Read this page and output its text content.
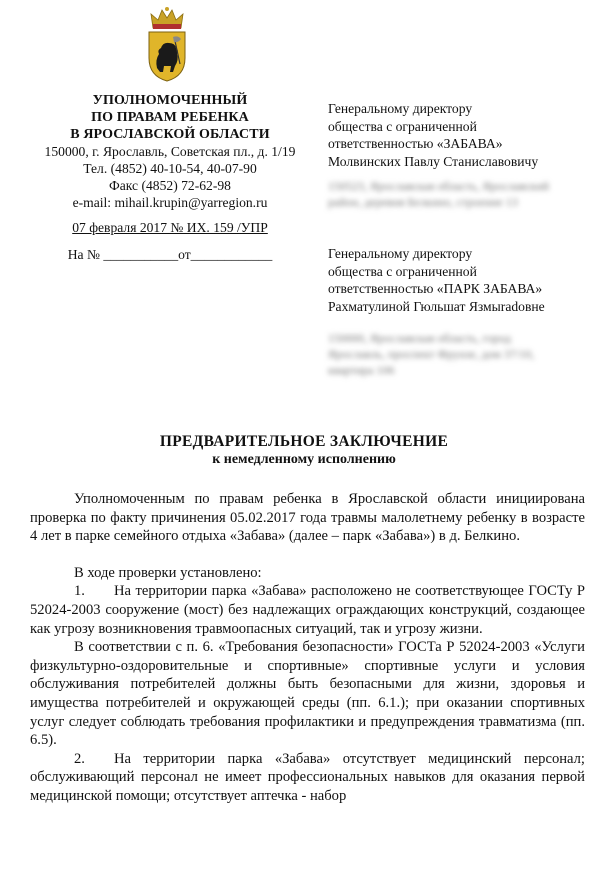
УПОЛНОМОЧЕННЫЙ
ПО ПРАВАМ РЕБЕНКА
В ЯРОСЛАВСКОЙ ОБЛАСТИ
150000, г. Ярославль, Советская пл., д. 1/19
Тел. (4852) 40-10-54, 40-07-90
Факс (4852) 72-62-98
e-mail: mihail.krupin@yarregion.ru
07 февраля 2017 № ИХ. 159 /УПР
На № ___________от____________
Генеральному директору
общества с ограниченной
ответственностью «ЗАБАВА»
Молвинских Павлу Станиславовичу
150523, Ярославская область, Ярославский район, деревня Белкино, строение 13
Генеральному директору
общества с ограниченной
ответственностью «ПАРК ЗАБАВА»
Рахматулиной Гюльшат Язмыradовне
150000, Ярославская область, город Ярославль, проспект Фрунзе, дом 37/10, квартира 106
ПРЕДВАРИТЕЛЬНОЕ ЗАКЛЮЧЕНИЕ
к немедленному исполнению

Уполномоченным по правам ребенка в Ярославской области инициирована проверка по факту причинения 05.02.2017 года травмы малолетнему ребенку в возрасте 4 лет в парке семейного отдыха «Забава» (далее – парк «Забава») в д. Белкино.

В ходе проверки установлено:

1. На территории парка «Забава» расположено не соответствующее ГОСТу Р 52024-2003 сооружение (мост) без надлежащих ограждающих конструкций, создающее как угрозу возникновения травмоопасных ситуаций, так и угрозу жизни.

В соответствии с п. 6. «Требования безопасности» ГОСТа Р 52024-2003 «Услуги физкультурно-оздоровительные и спортивные» спортивные услуги и условия обслуживания потребителей должны быть безопасными для жизни, здоровья и имущества потребителей и окружающей среды (пп. 6.1.); при оказании спортивных услуг следует соблюдать требования профилактики и предупреждения травматизма (пп. 6.5).

2. На территории парка «Забава» отсутствует медицинский персонал; обслуживающий персонал не имеет профессиональных навыков для оказания первой медицинской помощи; отсутствует аптечка - набор
